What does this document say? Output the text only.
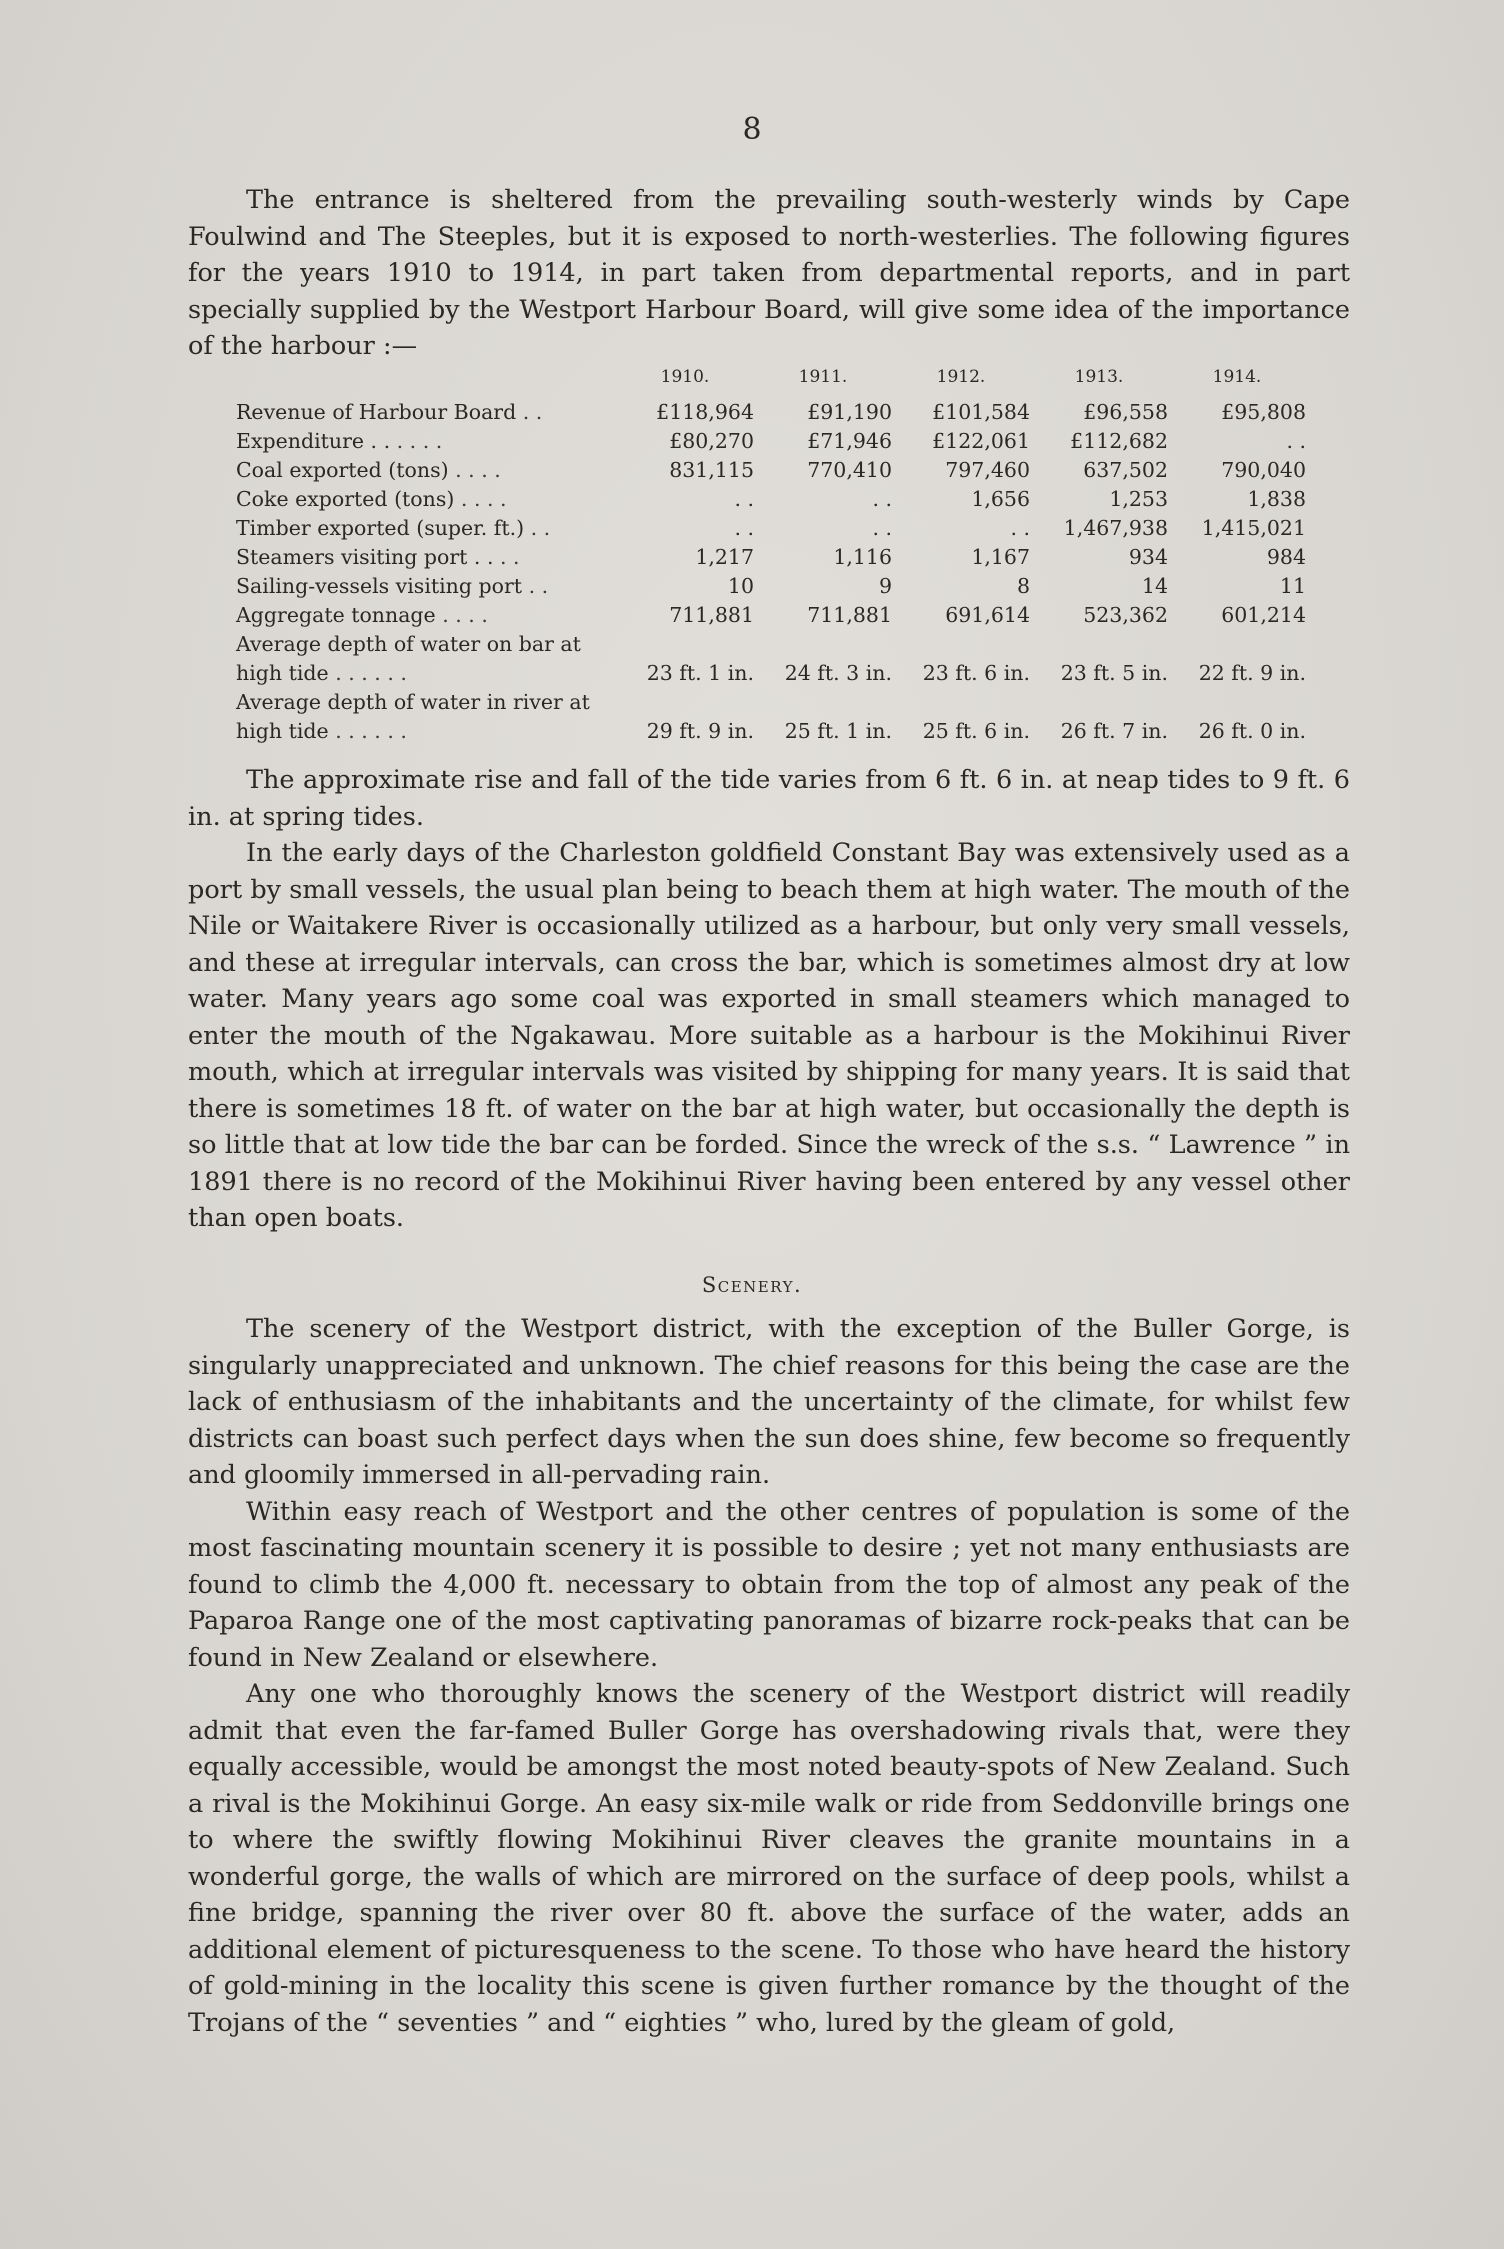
8

The entrance is sheltered from the prevailing south-westerly winds by Cape Foulwind and The Steeples, but it is exposed to north-westerlies. The following figures for the years 1910 to 1914, in part taken from departmental reports, and in part specially supplied by the Westport Harbour Board, will give some idea of the importance of the harbour :—

	1910.	1911.	1912.	1913.	1914.
Revenue of Harbour Board . .	£118,964	£91,190	£101,584	£96,558	£95,808
Expenditure . . . . . .	£80,270	£71,946	£122,061	£112,682	. .
Coal exported (tons) . . . .	831,115	770,410	797,460	637,502	790,040
Coke exported (tons) . . . .	. .	. .	1,656	1,253	1,838
Timber exported (super. ft.) . .	. .	. .	. .	1,467,938	1,415,021
Steamers visiting port . . . .	1,217	1,116	1,167	934	984
Sailing-vessels visiting port . .	10	9	8	14	11
Aggregate tonnage . . . .	711,881	711,881	691,614	523,362	601,214
Average depth of water on bar at					
high tide . . . . . .	23 ft. 1 in.	24 ft. 3 in.	23 ft. 6 in.	23 ft. 5 in.	22 ft. 9 in.
Average depth of water in river at					
high tide . . . . . .	29 ft. 9 in.	25 ft. 1 in.	25 ft. 6 in.	26 ft. 7 in.	26 ft. 0 in.

The approximate rise and fall of the tide varies from 6 ft. 6 in. at neap tides to 9 ft. 6 in. at spring tides.

In the early days of the Charleston goldfield Constant Bay was extensively used as a port by small vessels, the usual plan being to beach them at high water. The mouth of the Nile or Waitakere River is occasionally utilized as a harbour, but only very small vessels, and these at irregular intervals, can cross the bar, which is sometimes almost dry at low water. Many years ago some coal was exported in small steamers which managed to enter the mouth of the Ngakawau. More suitable as a harbour is the Mokihinui River mouth, which at irregular intervals was visited by shipping for many years. It is said that there is sometimes 18 ft. of water on the bar at high water, but occasionally the depth is so little that at low tide the bar can be forded. Since the wreck of the s.s. “ Lawrence ” in 1891 there is no record of the Mokihinui River having been entered by any vessel other than open boats.

Scenery.

The scenery of the Westport district, with the exception of the Buller Gorge, is singularly unappreciated and unknown. The chief reasons for this being the case are the lack of enthusiasm of the inhabitants and the uncertainty of the climate, for whilst few districts can boast such perfect days when the sun does shine, few become so frequently and gloomily immersed in all-pervading rain.

Within easy reach of Westport and the other centres of population is some of the most fascinating mountain scenery it is possible to desire ; yet not many enthusiasts are found to climb the 4,000 ft. necessary to obtain from the top of almost any peak of the Paparoa Range one of the most captivating panoramas of bizarre rock-peaks that can be found in New Zealand or elsewhere.

Any one who thoroughly knows the scenery of the Westport district will readily admit that even the far-famed Buller Gorge has overshadowing rivals that, were they equally accessible, would be amongst the most noted beauty-spots of New Zealand. Such a rival is the Mokihinui Gorge. An easy six-mile walk or ride from Seddonville brings one to where the swiftly flowing Mokihinui River cleaves the granite mountains in a wonderful gorge, the walls of which are mirrored on the surface of deep pools, whilst a fine bridge, spanning the river over 80 ft. above the surface of the water, adds an additional element of picturesqueness to the scene. To those who have heard the history of gold-mining in the locality this scene is given further romance by the thought of the Trojans of the “ seventies ” and “ eighties ” who, lured by the gleam of gold,
